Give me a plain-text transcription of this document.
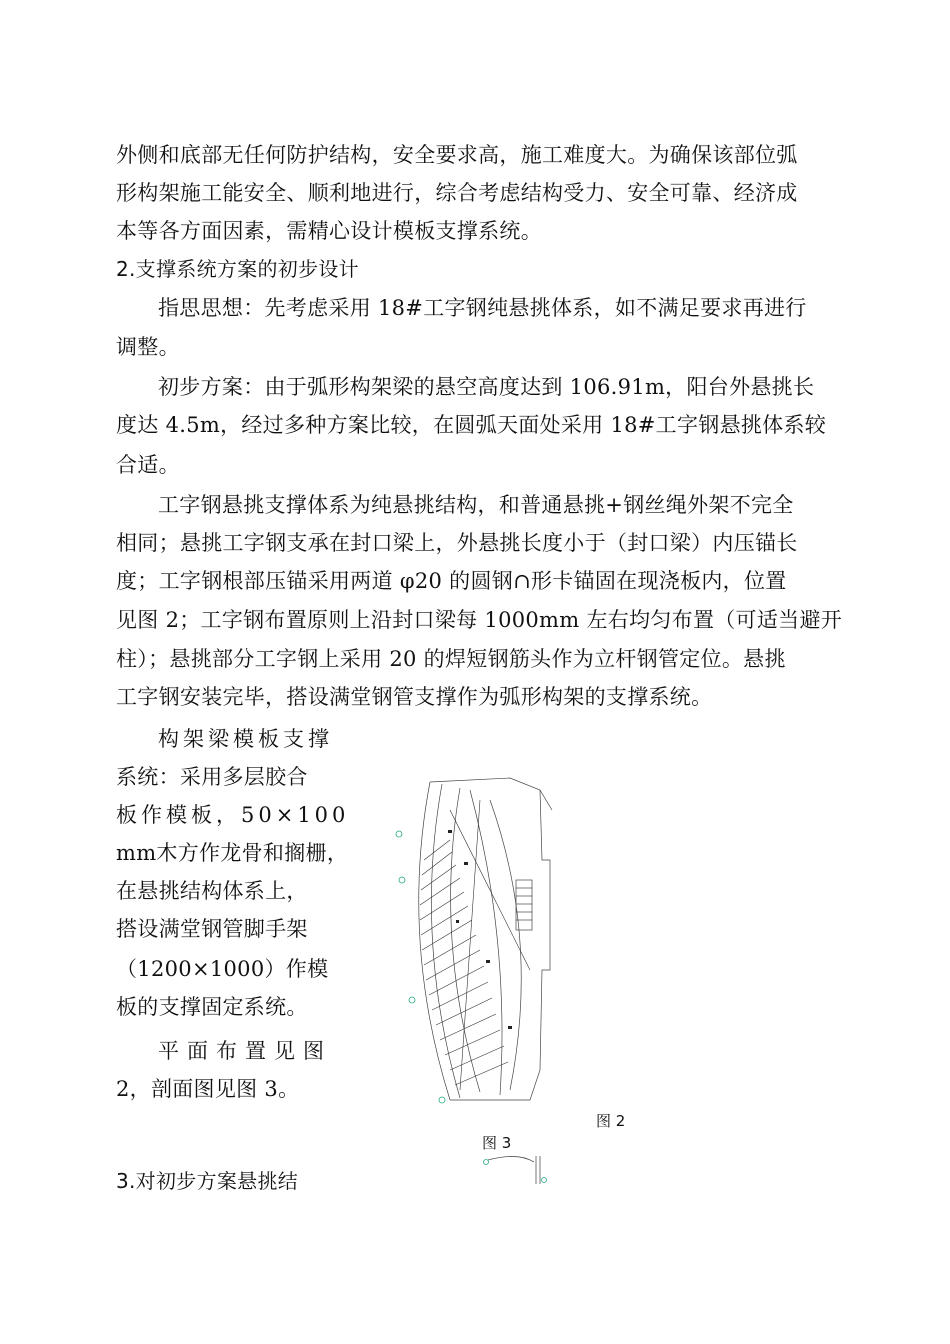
外侧和底部无任何防护结构，安全要求高，施工难度大。为确保该部位弧
形构架施工能安全、顺利地进行，综合考虑结构受力、安全可靠、经济成
本等各方面因素，需精心设计模板支撑系统。
2.支撑系统方案的初步设计
指思思想：先考虑采用 18#工字钢纯悬挑体系，如不满足要求再进行
调整。
初步方案：由于弧形构架梁的悬空高度达到 106.91m，阳台外悬挑长
度达 4.5m，经过多种方案比较，在圆弧天面处采用 18#工字钢悬挑体系较
合适。
工字钢悬挑支撑体系为纯悬挑结构，和普通悬挑+钢丝绳外架不完全
相同；悬挑工字钢支承在封口梁上，外悬挑长度小于（封口梁）内压锚长
度；工字钢根部压锚采用两道 φ20 的圆钢∩形卡锚固在现浇板内，位置
见图 2；工字钢布置原则上沿封口梁每 1000mm 左右均匀布置（可适当避开
柱）；悬挑部分工字钢上采用 20 的焊短钢筋头作为立杆钢管定位。悬挑
工字钢安装完毕，搭设满堂钢管支撑作为弧形构架的支撑系统。
构架梁模板支撑
系统：采用多层胶合
板作模板，50×100
mm木方作龙骨和搁栅，
在悬挑结构体系上，
搭设满堂钢管脚手架
（1200×1000）作模
板的支撑固定系统。
平面布置见图
2，剖面图见图 3。
图 2
图 3
3.对初步方案悬挑结
